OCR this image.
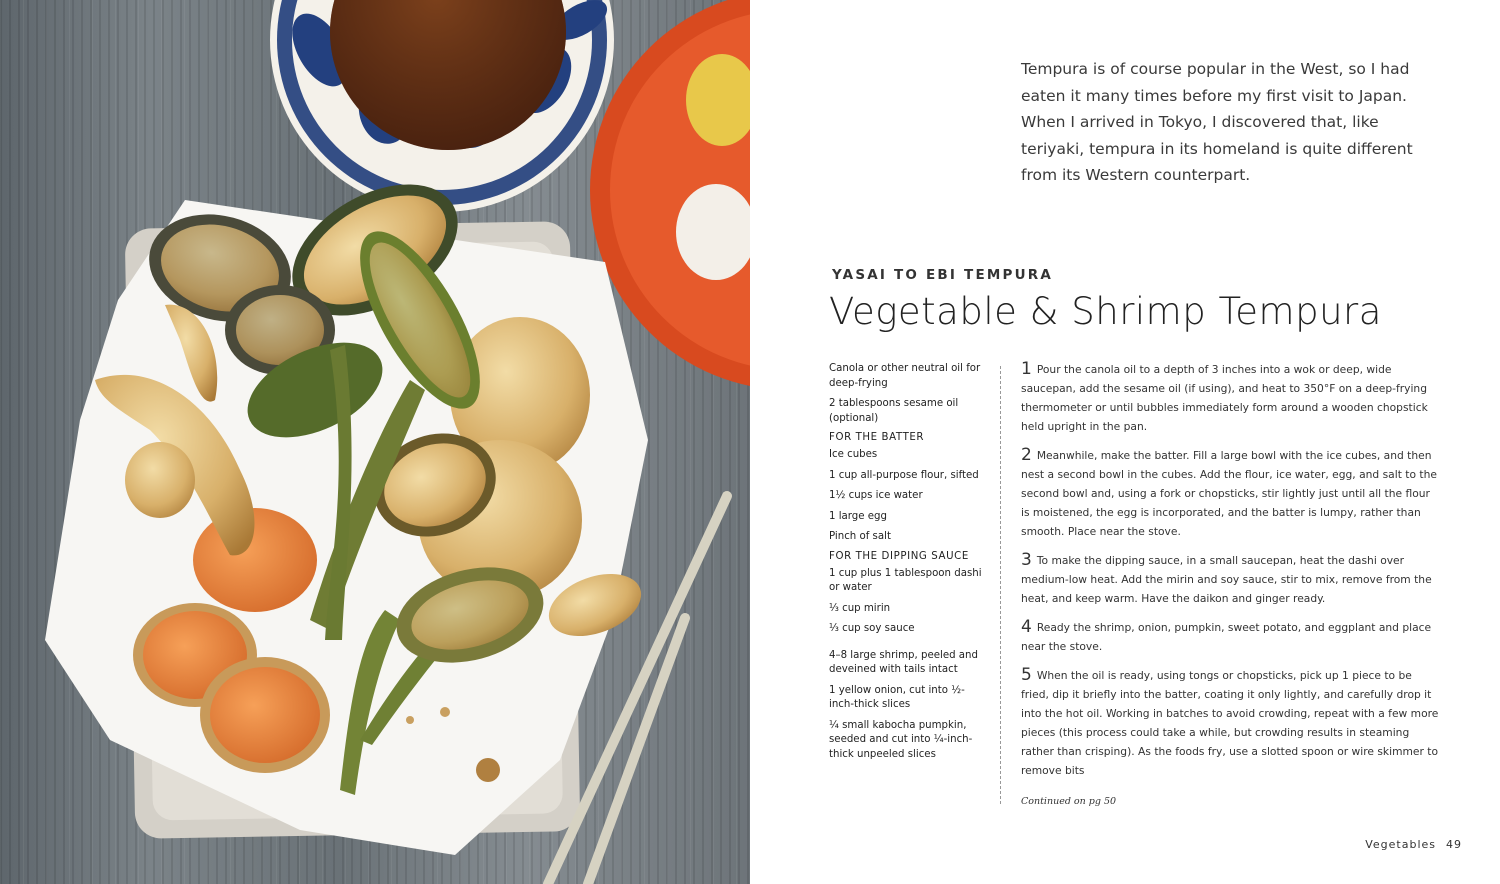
Tempura is of course popular in the West, so I had eaten it many times before my first visit to Japan. When I arrived in Tokyo, I discovered that, like teriyaki, tempura in its homeland is quite different from its Western counterpart.

YASAI TO EBI TEMPURA
Vegetable & Shrimp Tempura

Canola or other neutral oil for deep-frying

2 tablespoons sesame oil (optional)

FOR THE BATTER

Ice cubes

1 cup all-purpose flour, sifted

1½ cups ice water

1 large egg

Pinch of salt

FOR THE DIPPING SAUCE

1 cup plus 1 tablespoon dashi or water

⅓ cup mirin

⅓ cup soy sauce

4–8 large shrimp, peeled and deveined with tails intact

1 yellow onion, cut into ½-inch-thick slices

¼ small kabocha pumpkin, seeded and cut into ¼-inch-thick unpeeled slices

1 Pour the canola oil to a depth of 3 inches into a wok or deep, wide saucepan, add the sesame oil (if using), and heat to 350°F on a deep-frying thermometer or until bubbles immediately form around a wooden chopstick held upright in the pan.

2 Meanwhile, make the batter. Fill a large bowl with the ice cubes, and then nest a second bowl in the cubes. Add the flour, ice water, egg, and salt to the second bowl and, using a fork or chopsticks, stir lightly just until all the flour is moistened, the egg is incorporated, and the batter is lumpy, rather than smooth. Place near the stove.

3 To make the dipping sauce, in a small saucepan, heat the dashi over medium-low heat. Add the mirin and soy sauce, stir to mix, remove from the heat, and keep warm. Have the daikon and ginger ready.

4 Ready the shrimp, onion, pumpkin, sweet potato, and eggplant and place near the stove.

5 When the oil is ready, using tongs or chopsticks, pick up 1 piece to be fried, dip it briefly into the batter, coating it only lightly, and carefully drop it into the hot oil. Working in batches to avoid crowding, repeat with a few more pieces (this process could take a while, but crowding results in steaming rather than crisping). As the foods fry, use a slotted spoon or wire skimmer to remove bits

Continued on pg 50

Vegetables 49
